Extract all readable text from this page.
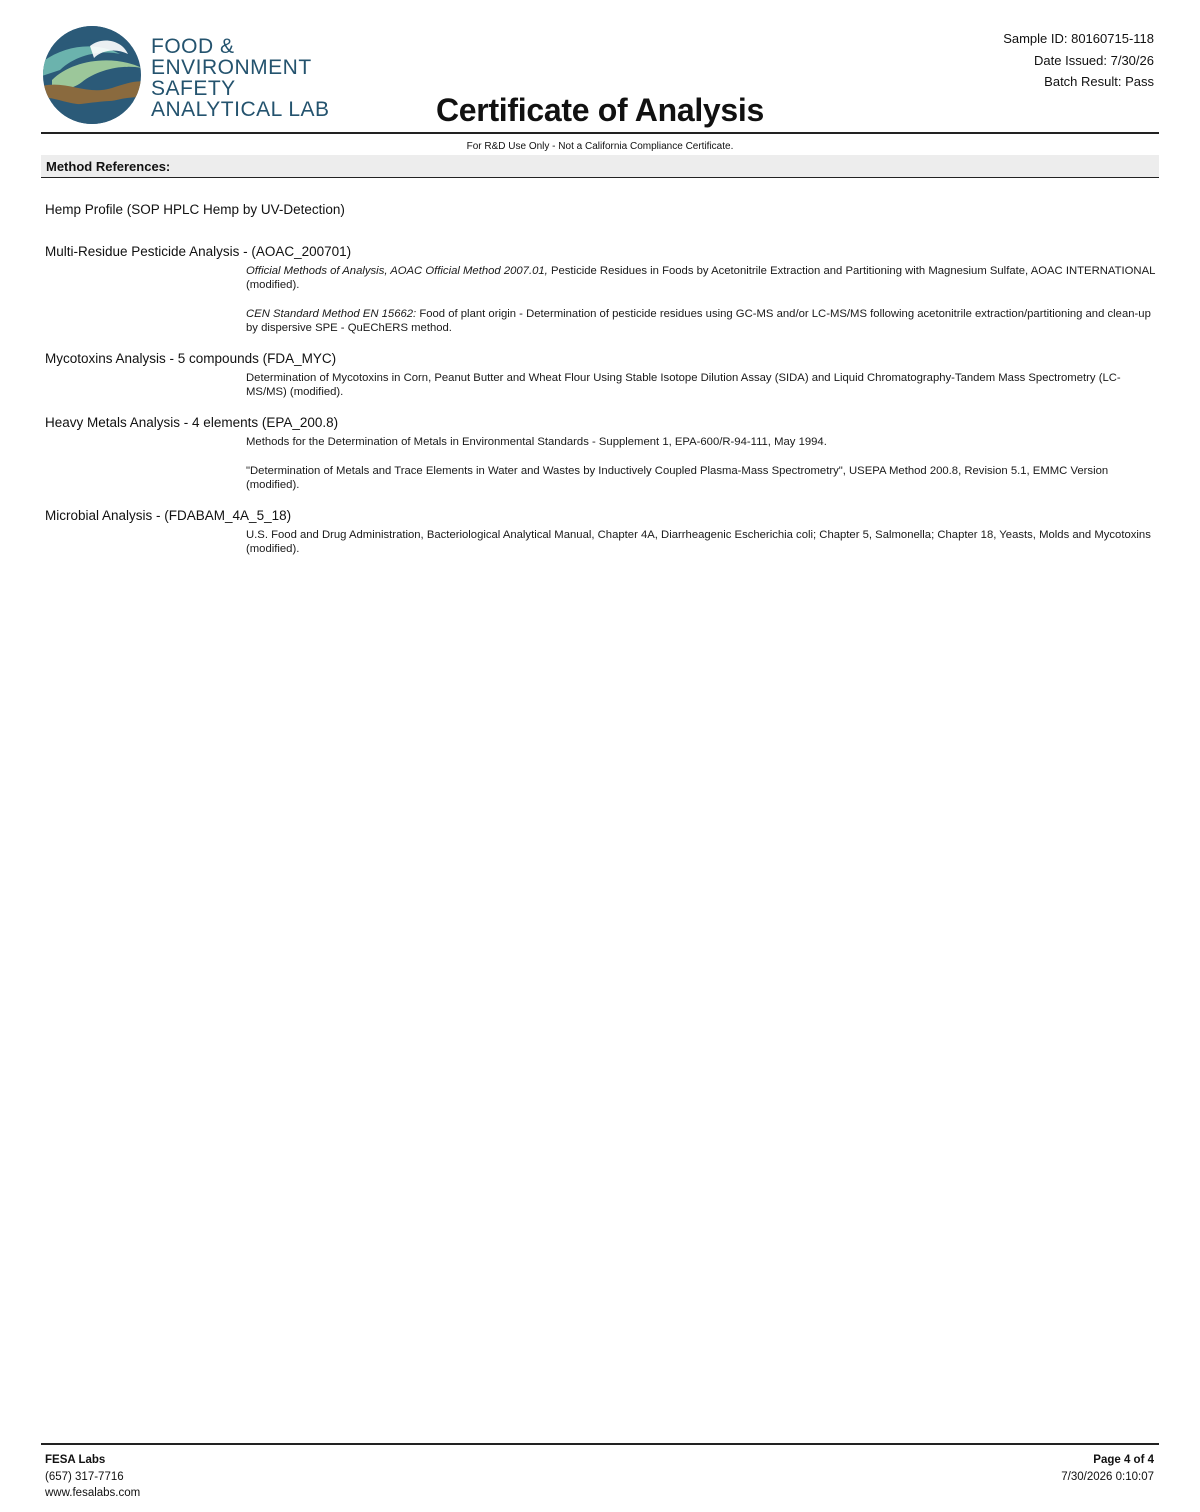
FOOD &
ENVIRONMENT
SAFETY
ANALYTICAL LAB
Sample ID: 80160715-118
Date Issued: 7/30/26
Batch Result: Pass
Certificate of Analysis
For R&D Use Only - Not a California Compliance Certificate.
Method References:
Hemp Profile (SOP HPLC Hemp by UV-Detection)
Multi-Residue Pesticide Analysis - (AOAC_200701)
Official Methods of Analysis, AOAC Official Method 2007.01, Pesticide Residues in Foods by Acetonitrile Extraction and Partitioning with Magnesium Sulfate, AOAC INTERNATIONAL (modified).
CEN Standard Method EN 15662: Food of plant origin - Determination of pesticide residues using GC-MS and/or LC-MS/MS following acetonitrile extraction/partitioning and clean-up by dispersive SPE - QuEChERS method.
Mycotoxins Analysis - 5 compounds (FDA_MYC)
Determination of Mycotoxins in Corn, Peanut Butter and Wheat Flour Using Stable Isotope Dilution Assay (SIDA) and Liquid Chromatography-Tandem Mass Spectrometry (LC-MS/MS) (modified).
Heavy Metals Analysis - 4 elements (EPA_200.8)
Methods for the Determination of Metals in Environmental Standards - Supplement 1, EPA-600/R-94-111, May 1994.
"Determination of Metals and Trace Elements in Water and Wastes by Inductively Coupled Plasma-Mass Spectrometry", USEPA Method 200.8, Revision 5.1, EMMC Version (modified).
Microbial Analysis - (FDABAM_4A_5_18)
U.S. Food and Drug Administration, Bacteriological Analytical Manual, Chapter 4A, Diarrheagenic Escherichia coli; Chapter 5, Salmonella; Chapter 18, Yeasts, Molds and Mycotoxins (modified).
FESA Labs
(657) 317-7716
www.fesalabs.com
Page 4 of 4
7/30/2026 0:10:07
